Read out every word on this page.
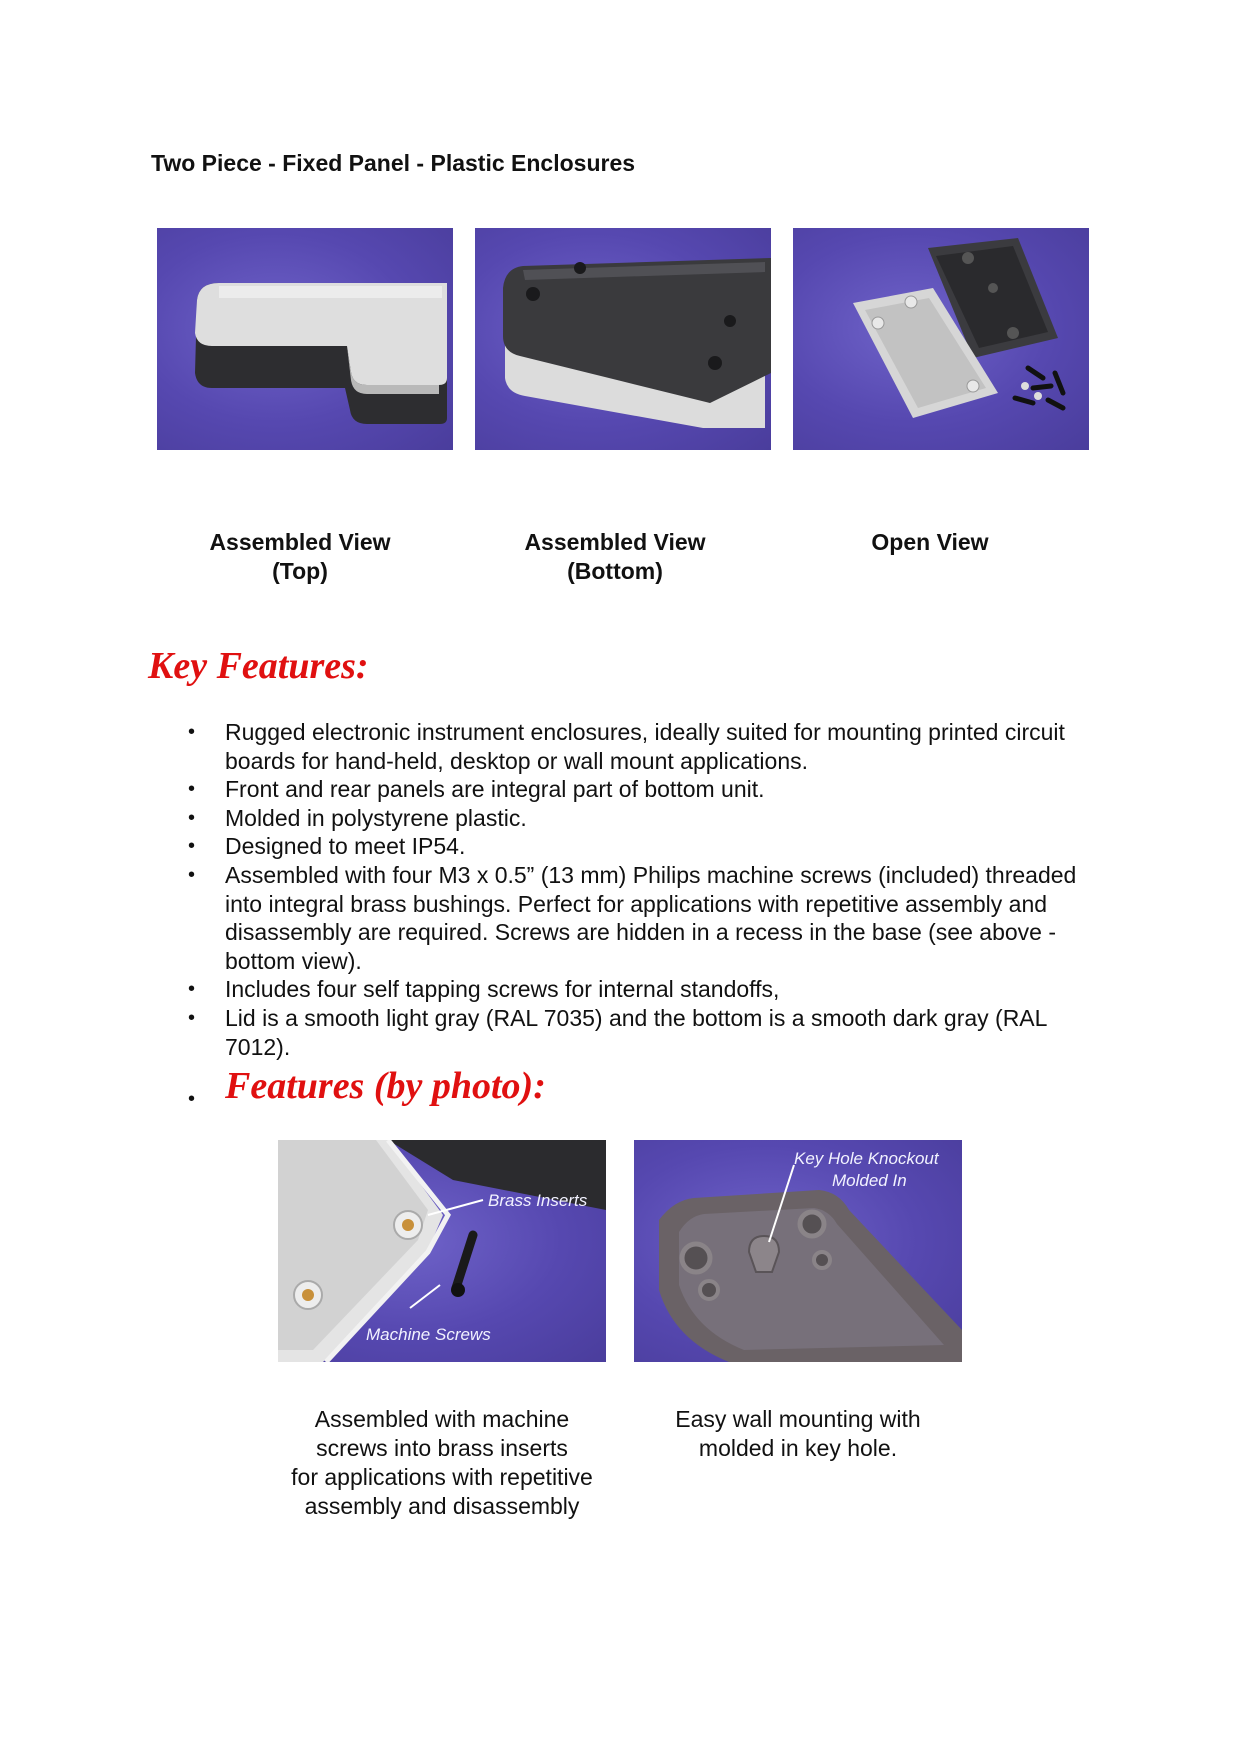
Two Piece - Fixed Panel - Plastic Enclosures
Assembled View
(Top)
Assembled View
(Bottom)
Open View
Key Features:
• Rugged electronic instrument enclosures, ideally suited for mounting printed circuit boards for hand-held, desktop or wall mount applications.
• Front and rear panels are integral part of bottom unit.
• Molded in polystyrene plastic.
• Designed to meet IP54.
• Assembled with four M3 x 0.5” (13 mm) Philips machine screws (included) threaded into integral brass bushings. Perfect for applications with repetitive assembly and disassembly are required. Screws are hidden in a recess in the base (see above - bottom view).
• Includes four self tapping screws for internal standoffs,
• Lid is a smooth light gray (RAL 7035) and the bottom is a smooth dark gray (RAL 7012).
• Features (by photo):
Brass Inserts
Machine Screws
Key Hole Knockout
Molded In
Assembled with machine
screws into brass inserts
for applications with repetitive
assembly and disassembly
Easy wall mounting with
molded in key hole.
